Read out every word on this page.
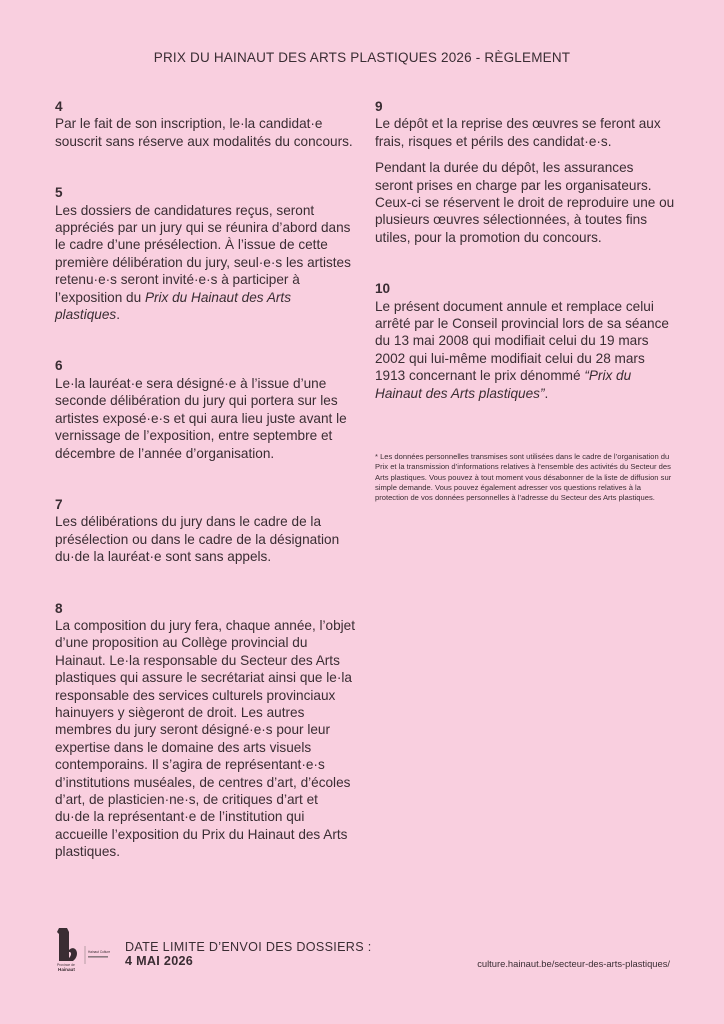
PRIX DU HAINAUT DES ARTS PLASTIQUES 2026 - RÈGLEMENT
4

Par le fait de son inscription, le·la candidat·e souscrit sans réserve aux modalités du concours.

5

Les dossiers de candidatures reçus, seront appréciés par un jury qui se réunira d’abord dans le cadre d’une présélection. À l’issue de cette première délibération du jury, seul·e·s les artistes retenu·e·s seront invité·e·s à participer à l’exposition du Prix du Hainaut des Arts plastiques.

6

Le·la lauréat·e sera désigné·e à l’issue d’une seconde délibération du jury qui portera sur les artistes exposé·e·s et qui aura lieu juste avant le vernissage de l’exposition, entre septembre et décembre de l’année d’organisation.

7

Les délibérations du jury dans le cadre de la présélection ou dans le cadre de la désignation du·de la lauréat·e sont sans appels.

8

La composition du jury fera, chaque année, l’objet d’une proposition au Collège provincial du Hainaut. Le·la responsable du Secteur des Arts plastiques qui assure le secrétariat ainsi que le·la responsable des services culturels provinciaux hainuyers y siègeront de droit. Les autres membres du jury seront désigné·e·s pour leur expertise dans le domaine des arts visuels contemporains. Il s’agira de représentant·e·s d’institutions muséales, de centres d’art, d’écoles d’art, de plasticien·ne·s, de critiques d’art et du·de la représentant·e de l’institution qui accueille l’exposition du Prix du Hainaut des Arts plastiques.

9

Le dépôt et la reprise des œuvres se feront aux frais, risques et périls des candidat·e·s.

Pendant la durée du dépôt, les assurances seront prises en charge par les organisateurs. Ceux-ci se réservent le droit de reproduire une ou plusieurs œuvres sélectionnées, à toutes fins utiles, pour la promotion du concours.

10

Le présent document annule et remplace celui arrêté par le Conseil provincial lors de sa séance du 13 mai 2008 qui modifiait celui du 19 mars 2002 qui lui-même modifiait celui du 28 mars 1913 concernant le prix dénommé “Prix du Hainaut des Arts plastiques”.

* Les données personnelles transmises sont utilisées dans le cadre de l’organisation du Prix et la transmission d’informations relatives à l’ensemble des activités du Secteur des Arts plastiques. Vous pouvez à tout moment vous désabonner de la liste de diffusion sur simple demande. Vous pouvez également adresser vos questions relatives à la protection de vos données personnelles à l’adresse du Secteur des Arts plastiques.
Province de
Hainaut
Hainaut Culture DATE LIMITE D’ENVOI DES DOSSIERS :
4 MAI 2026	culture.hainaut.be/secteur-des-arts-plastiques/
